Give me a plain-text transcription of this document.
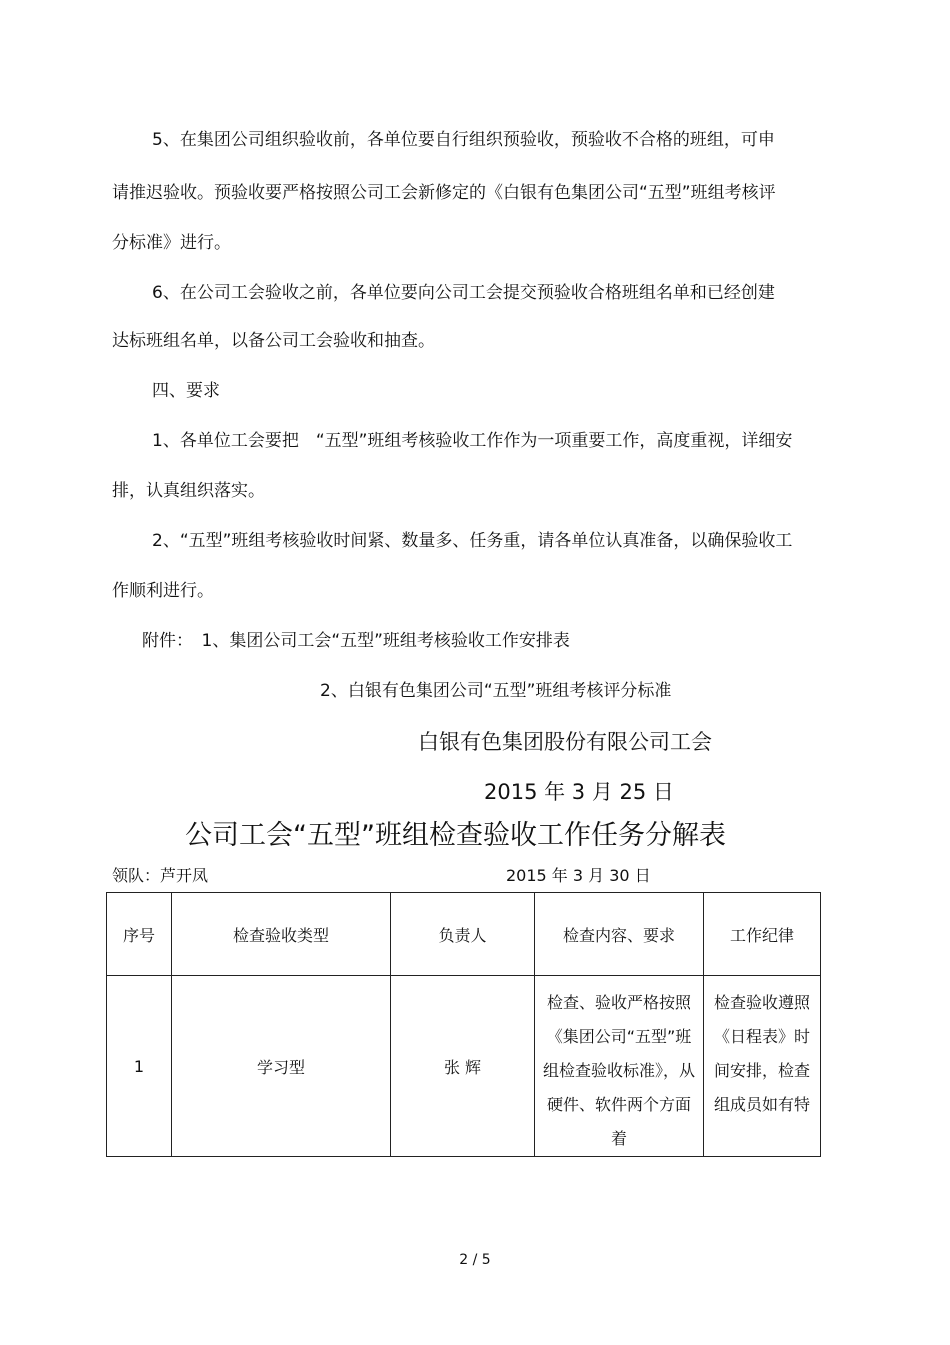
5、在集团公司组织验收前，各单位要自行组织预验收，预验收不合格的班组，可申
请推迟验收。预验收要严格按照公司工会新修定的《白银有色集团公司“五型”班组考核评
分标准》进行。
6、在公司工会验收之前，各单位要向公司工会提交预验收合格班组名单和已经创建
达标班组名单，以备公司工会验收和抽查。
四、要求
1、各单位工会要把　“五型”班组考核验收工作作为一项重要工作，高度重视，详细安
排，认真组织落实。
2、“五型”班组考核验收时间紧、数量多、任务重，请各单位认真准备，以确保验收工
作顺利进行。
附件：　1、集团公司工会“五型”班组考核验收工作安排表
2、白银有色集团公司“五型”班组考核评分标准
白银有色集团股份有限公司工会
2015 年 3 月 25 日
公司工会“五型”班组检查验收工作任务分解表
领队：芦开凤	2015 年 3 月 30 日
序号	检查验收类型	负责人	检查内容、要求	工作纪律
1	学习型	张 辉	检查、验收严格按照《集团公司“五型”班组检查验收标准》，从硬件、软件两个方面着	检查验收遵照《日程表》时间安排，检查组成员如有特
2 / 5
